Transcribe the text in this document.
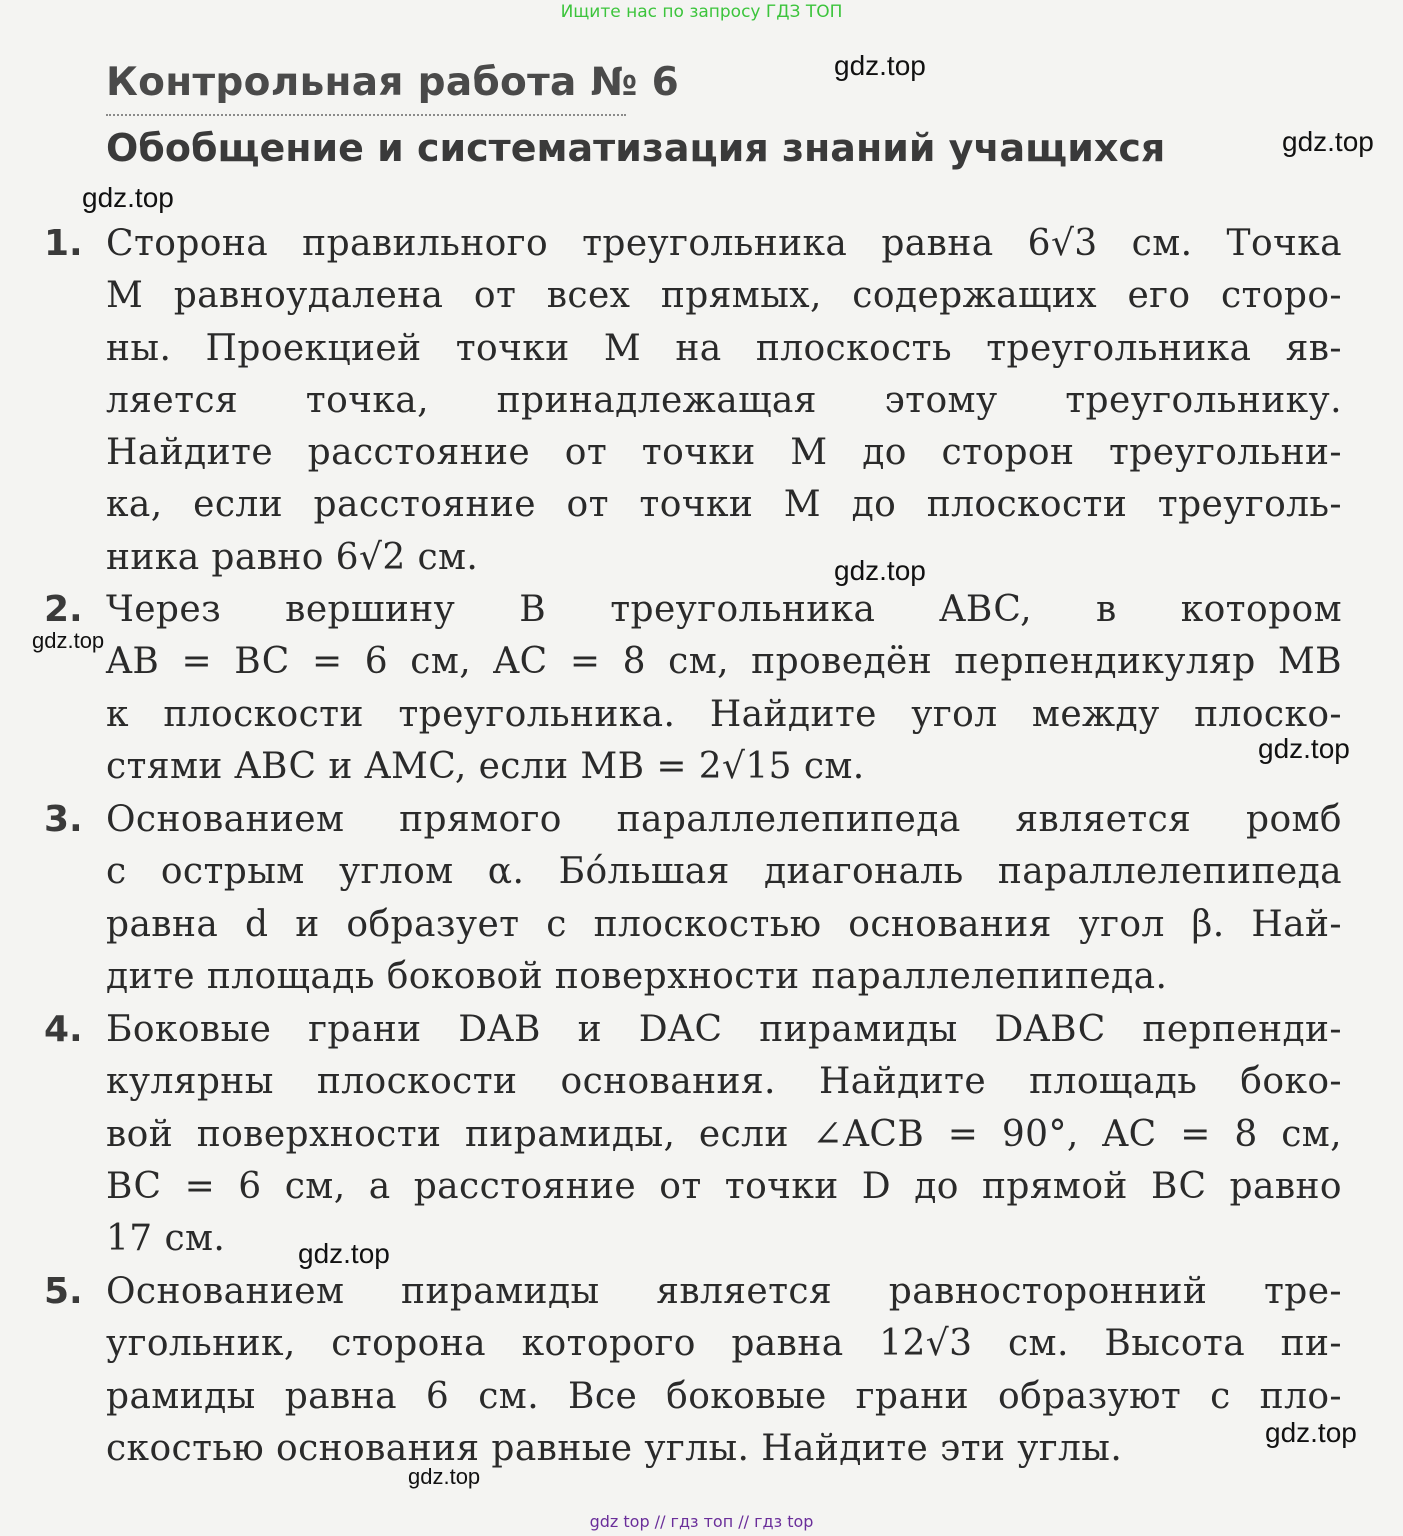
Ищите нас по запросу ГДЗ ТОП
Контрольная работа № 6
Обобщение и систематизация знаний учащихся
1. Сторона правильного треугольника равна 6√3 см. Точка
M равноудалена от всех прямых, содержащих его сторо-
ны. Проекцией точки M на плоскость треугольника яв-
ляется точка, принадлежащая этому треугольнику.
Найдите расстояние от точки M до сторон треугольни-
ка, если расстояние от точки M до плоскости треуголь-
ника равно 6√2 см.
2. Через вершину B треугольника ABC, в котором
AB = BC = 6 см, AC = 8 см, проведён перпендикуляр MB
к плоскости треугольника. Найдите угол между плоско-
стями ABC и AMC, если MB = 2√15 см.
3. Основанием прямого параллелепипеда является ромб
с острым углом α. Бóльшая диагональ параллелепипеда
равна d и образует с плоскостью основания угол β. Най-
дите площадь боковой поверхности параллелепипеда.
4. Боковые грани DAB и DAC пирамиды DABC перпенди-
кулярны плоскости основания. Найдите площадь боко-
вой поверхности пирамиды, если ∠ACB = 90°, AC = 8 см,
BC = 6 см, а расстояние от точки D до прямой BC равно
17 см.
5. Основанием пирамиды является равносторонний тре-
угольник, сторона которого равна 12√3 см. Высота пи-
рамиды равна 6 см. Все боковые грани образуют с пло-
скостью основания равные углы. Найдите эти углы.
gdz.top
gdz.top
gdz.top
gdz.top
gdz.top
gdz.top
gdz.top
gdz.top
gdz.top
gdz top // гдз топ // гдз top
